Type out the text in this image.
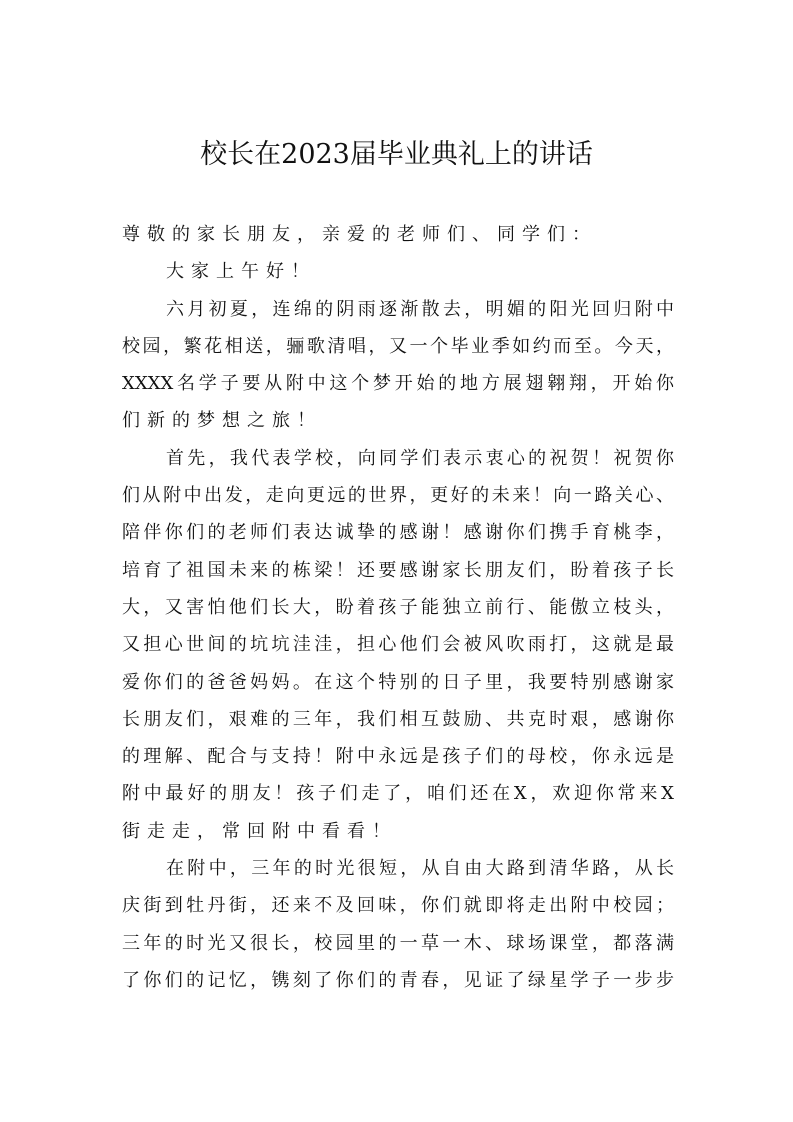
校长在2023届毕业典礼上的讲话
尊敬的家长朋友，亲爱的老师们、同学们：
大家上午好！
六月初夏，连绵的阴雨逐渐散去，明媚的阳光回归附中
校园，繁花相送，骊歌清唱，又一个毕业季如约而至。今天，
XXXX名学子要从附中这个梦开始的地方展翅翱翔，开始你
们新的梦想之旅！
首先，我代表学校，向同学们表示衷心的祝贺！祝贺你
们从附中出发，走向更远的世界，更好的未来！向一路关心、
陪伴你们的老师们表达诚挚的感谢！感谢你们携手育桃李，
培育了祖国未来的栋梁！还要感谢家长朋友们，盼着孩子长
大，又害怕他们长大，盼着孩子能独立前行、能傲立枝头，
又担心世间的坑坑洼洼，担心他们会被风吹雨打，这就是最
爱你们的爸爸妈妈。在这个特别的日子里，我要特别感谢家
长朋友们，艰难的三年，我们相互鼓励、共克时艰，感谢你
的理解、配合与支持！附中永远是孩子们的母校，你永远是
附中最好的朋友！孩子们走了，咱们还在X，欢迎你常来X
街走走，常回附中看看！
在附中，三年的时光很短，从自由大路到清华路，从长
庆街到牡丹街，还来不及回味，你们就即将走出附中校园；
三年的时光又很长，校园里的一草一木、球场课堂，都落满
了你们的记忆，镌刻了你们的青春，见证了绿星学子一步步
